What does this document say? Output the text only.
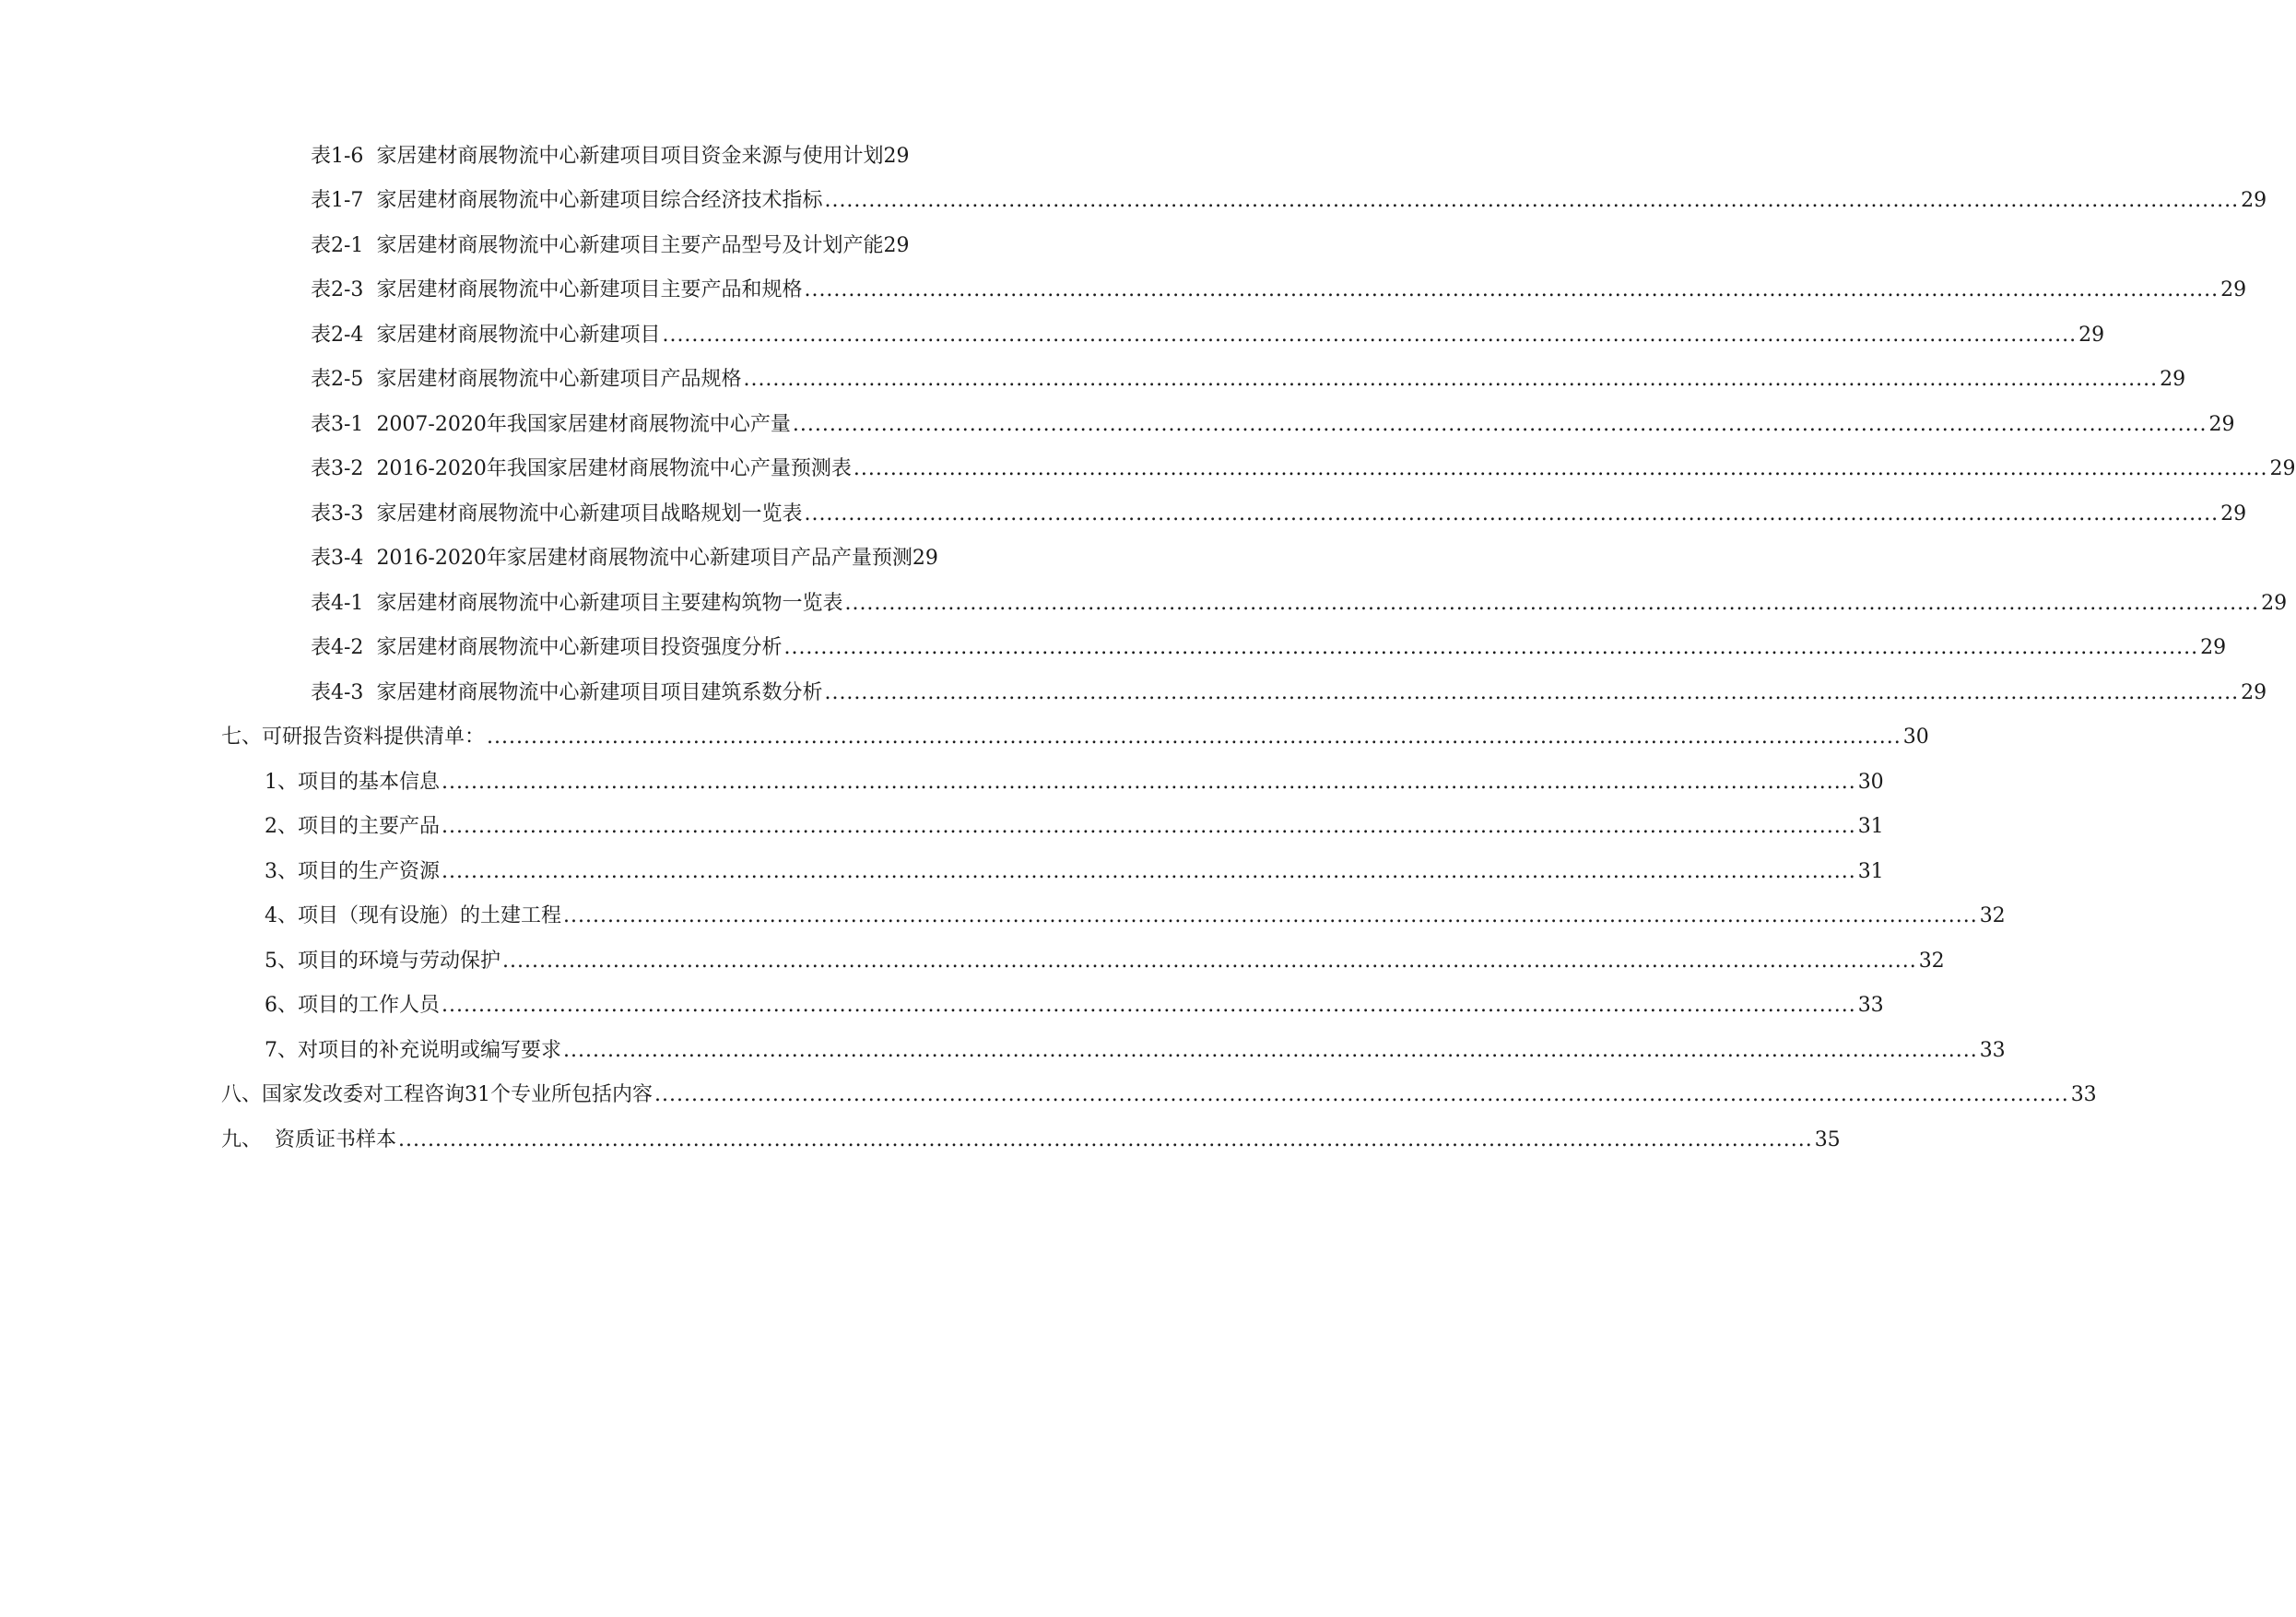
表1-6 家居建材商展物流中心新建项目项目资金来源与使用计划 29
表1-7 家居建材商展物流中心新建项目综合经济技术指标 .....	29
表2-1 家居建材商展物流中心新建项目主要产品型号及计划产能 29
表2-3 家居建材商展物流中心新建项目主要产品和规格 .....	29
表2-4 家居建材商展物流中心新建项目 .....	29
表2-5 家居建材商展物流中心新建项目产品规格 .....	29
表3-1 2007-2020年我国家居建材商展物流中心产量 .....	29
表3-2 2016-2020年我国家居建材商展物流中心产量预测表 .....	29
表3-3 家居建材商展物流中心新建项目战略规划一览表 .....	29
表3-4 2016-2020年家居建材商展物流中心新建项目产品产量预测 29
表4-1 家居建材商展物流中心新建项目主要建构筑物一览表 .....	29
表4-2 家居建材商展物流中心新建项目投资强度分析 .....	29
表4-3 家居建材商展物流中心新建项目项目建筑系数分析 .....	29
七、可研报告资料提供清单： .....	30
1、项目的基本信息 .....	30
2、项目的主要产品 .....	31
3、项目的生产资源 .....	31
4、项目（现有设施）的土建工程 .....	32
5、项目的环境与劳动保护 .....	32
6、项目的工作人员 .....	33
7、对项目的补充说明或编写要求 .....	33
八、国家发改委对工程咨询31个专业所包括内容 .....	33
九、  资质证书样本 .....	35
